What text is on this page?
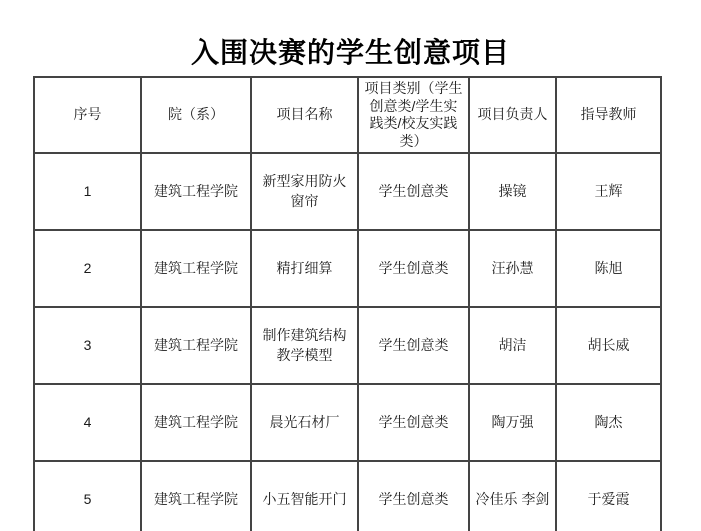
入围决赛的学生创意项目
序号	院（系）	项目名称	项目类别（学生创意类/学生实践类/校友实践类）	项目负责人	指导教师
1	建筑工程学院	新型家用防火窗帘	学生创意类	操镜	王辉
2	建筑工程学院	精打细算	学生创意类	汪孙慧	陈旭
3	建筑工程学院	制作建筑结构教学模型	学生创意类	胡洁	胡长威
4	建筑工程学院	晨光石材厂	学生创意类	陶万强	陶杰
5	建筑工程学院	小五智能开门	学生创意类	冷佳乐 李剑	于爱霞
